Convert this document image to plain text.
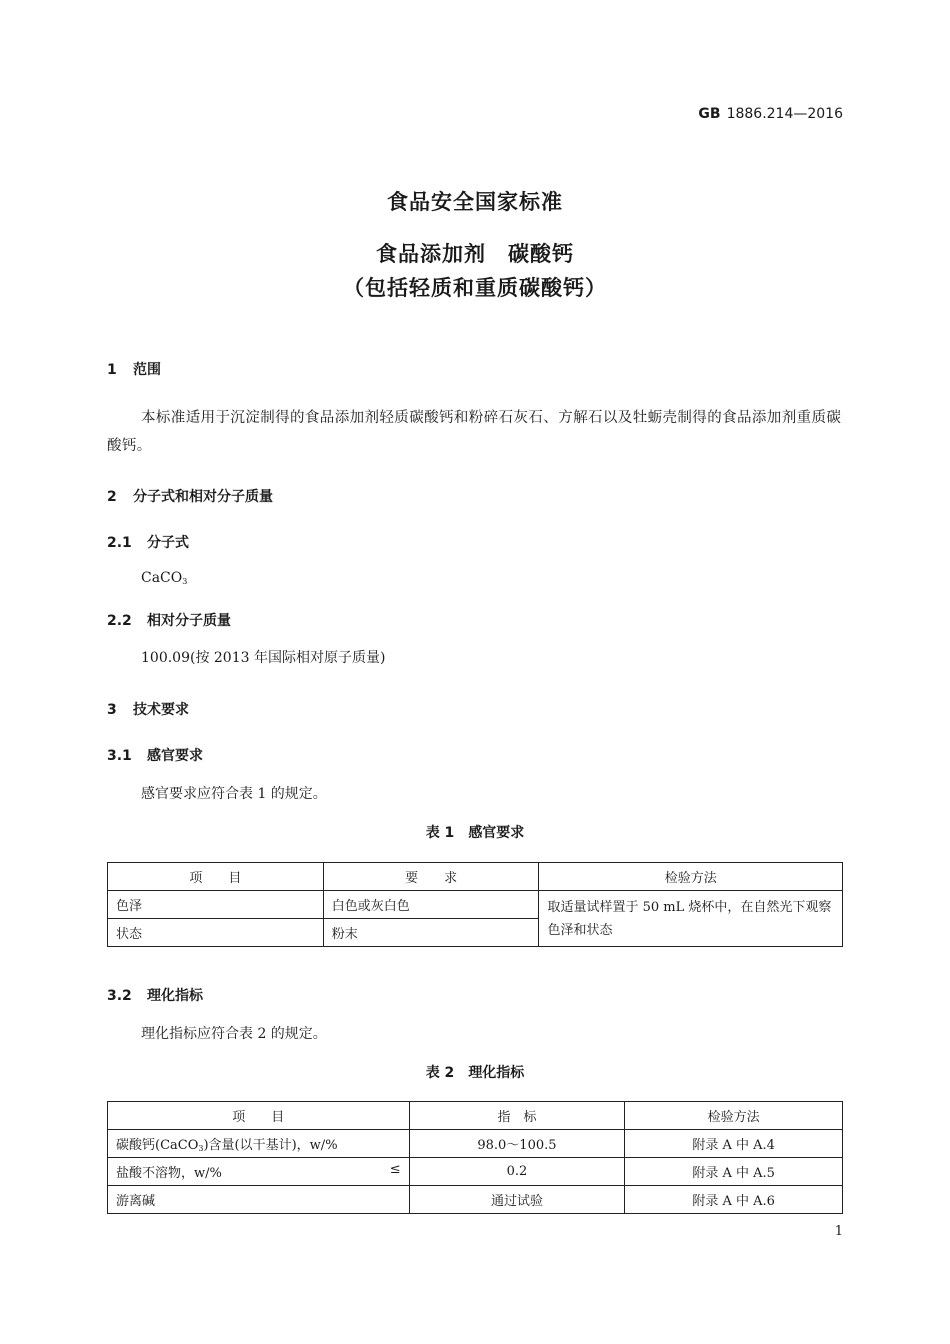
GB 1886.214—2016
食品安全国家标准
食品添加剂　碳酸钙
（包括轻质和重质碳酸钙）
1 范围
本标准适用于沉淀制得的食品添加剂轻质碳酸钙和粉碎石灰石、方解石以及牡蛎壳制得的食品添加剂重质碳酸钙。
2 分子式和相对分子质量
2.1 分子式
CaCO$_3$
2.2 相对分子质量
100.09(按 2013 年国际相对原子质量)
3 技术要求
3.1 感官要求
感官要求应符合表 1 的规定。
表 1 感官要求
项　　目	要　　求	检验方法
色泽	白色或灰白色	取适量试样置于 50 mL 烧杯中，在自然光下观察色泽和状态
状态	粉末	
3.2 理化指标
理化指标应符合表 2 的规定。
表 2 理化指标
项　　目	指　标	检验方法
碳酸钙(CaCO$_3$)含量(以干基计)，w/%	98.0～100.5	附录 A 中 A.4
盐酸不溶物，w/% ≤	0.2	附录 A 中 A.5
游离碱	通过试验	附录 A 中 A.6
1
